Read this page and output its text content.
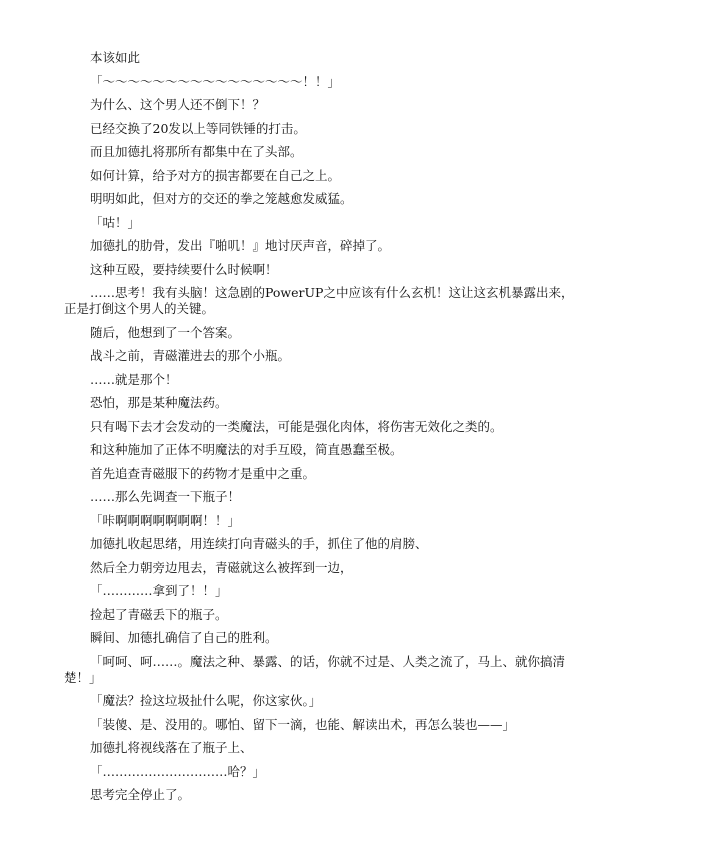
本该如此

「～～～～～～～～～～～～～～～～！！」

为什么、这个男人还不倒下！？

已经交换了20发以上等同铁锤的打击。

而且加德扎将那所有都集中在了头部。

如何计算，给予对方的损害都要在自己之上。

明明如此，但对方的交还的拳之笼越愈发威猛。

「咕！」

加德扎的肋骨，发出『啪叽！』地讨厌声音，碎掉了。

这种互殴，要持续要什么时候啊！

……思考！我有头脑！这急剧的PowerUP之中应该有什么玄机！这让这玄机暴露出来，正是打倒这个男人的关键。

随后，他想到了一个答案。

战斗之前，青磁灌进去的那个小瓶。

……就是那个！

恐怕，那是某种魔法药。

只有喝下去才会发动的一类魔法，可能是强化肉体，将伤害无效化之类的。

和这种施加了正体不明魔法的对手互殴，简直愚蠢至极。

首先追查青磁服下的药物才是重中之重。

……那么先调查一下瓶子！

「咔啊啊啊啊啊啊啊！！」

加德扎收起思绪，用连续打向青磁头的手，抓住了他的肩膀、

然后全力朝旁边甩去，青磁就这么被挥到一边，

「…………拿到了！！」

捡起了青磁丢下的瓶子。

瞬间、加德扎确信了自己的胜利。

「呵呵、呵……。魔法之种、暴露、的话，你就不过是、人类之流了，马上、就你搞清楚！」

「魔法？捡这垃圾扯什么呢，你这家伙。」

「装傻、是、没用的。哪怕、留下一滴，也能、解读出术，再怎么装也——」

加德扎将视线落在了瓶子上、

「…………………………哈？」

思考完全停止了。
